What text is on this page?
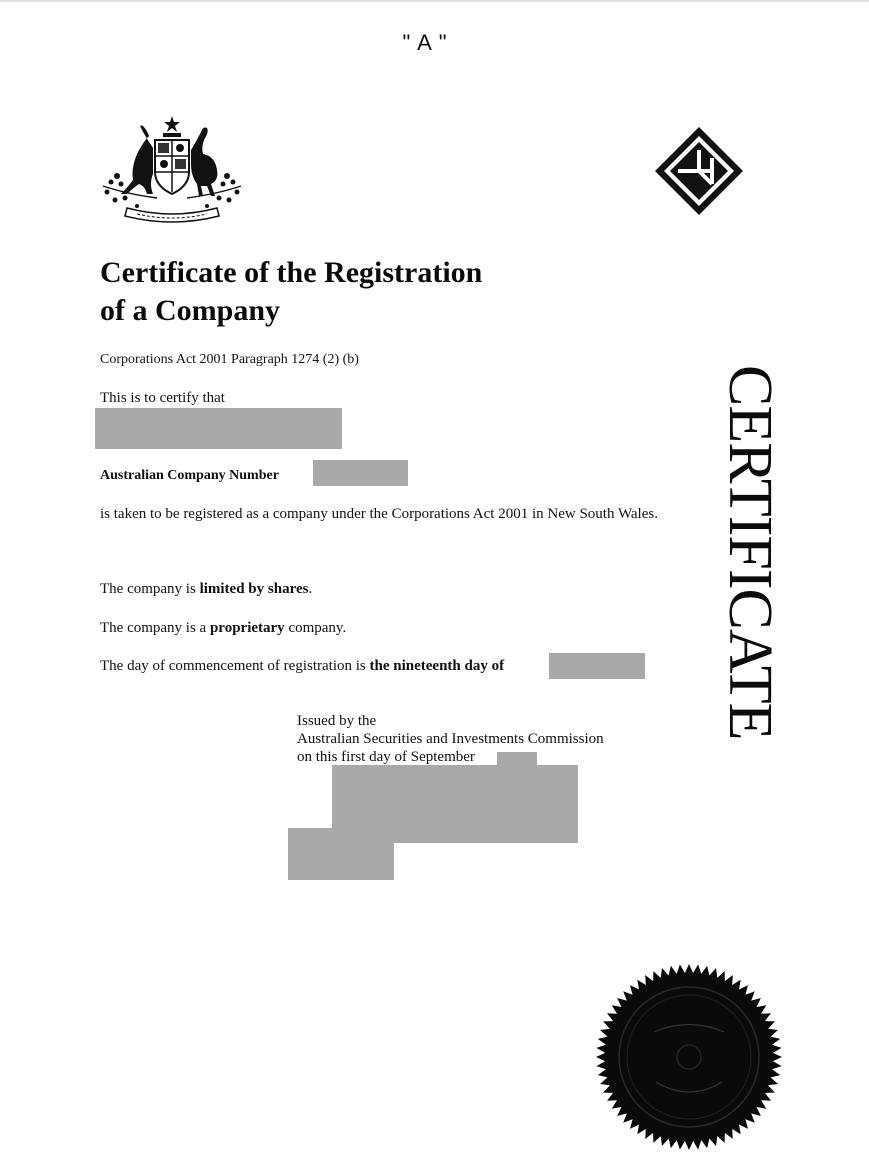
" A "
Certificate of the Registration
of a Company
Corporations Act 2001 Paragraph 1274 (2) (b)
This is to certify that
Australian Company Number
is taken to be registered as a company under the Corporations Act 2001 in New South Wales.
The company is limited by shares.
The company is a proprietary company.
The day of commencement of registration is the nineteenth day of
Issued by the
Australian Securities and Investments Commission
on this first day of September
CERTIFICATE
